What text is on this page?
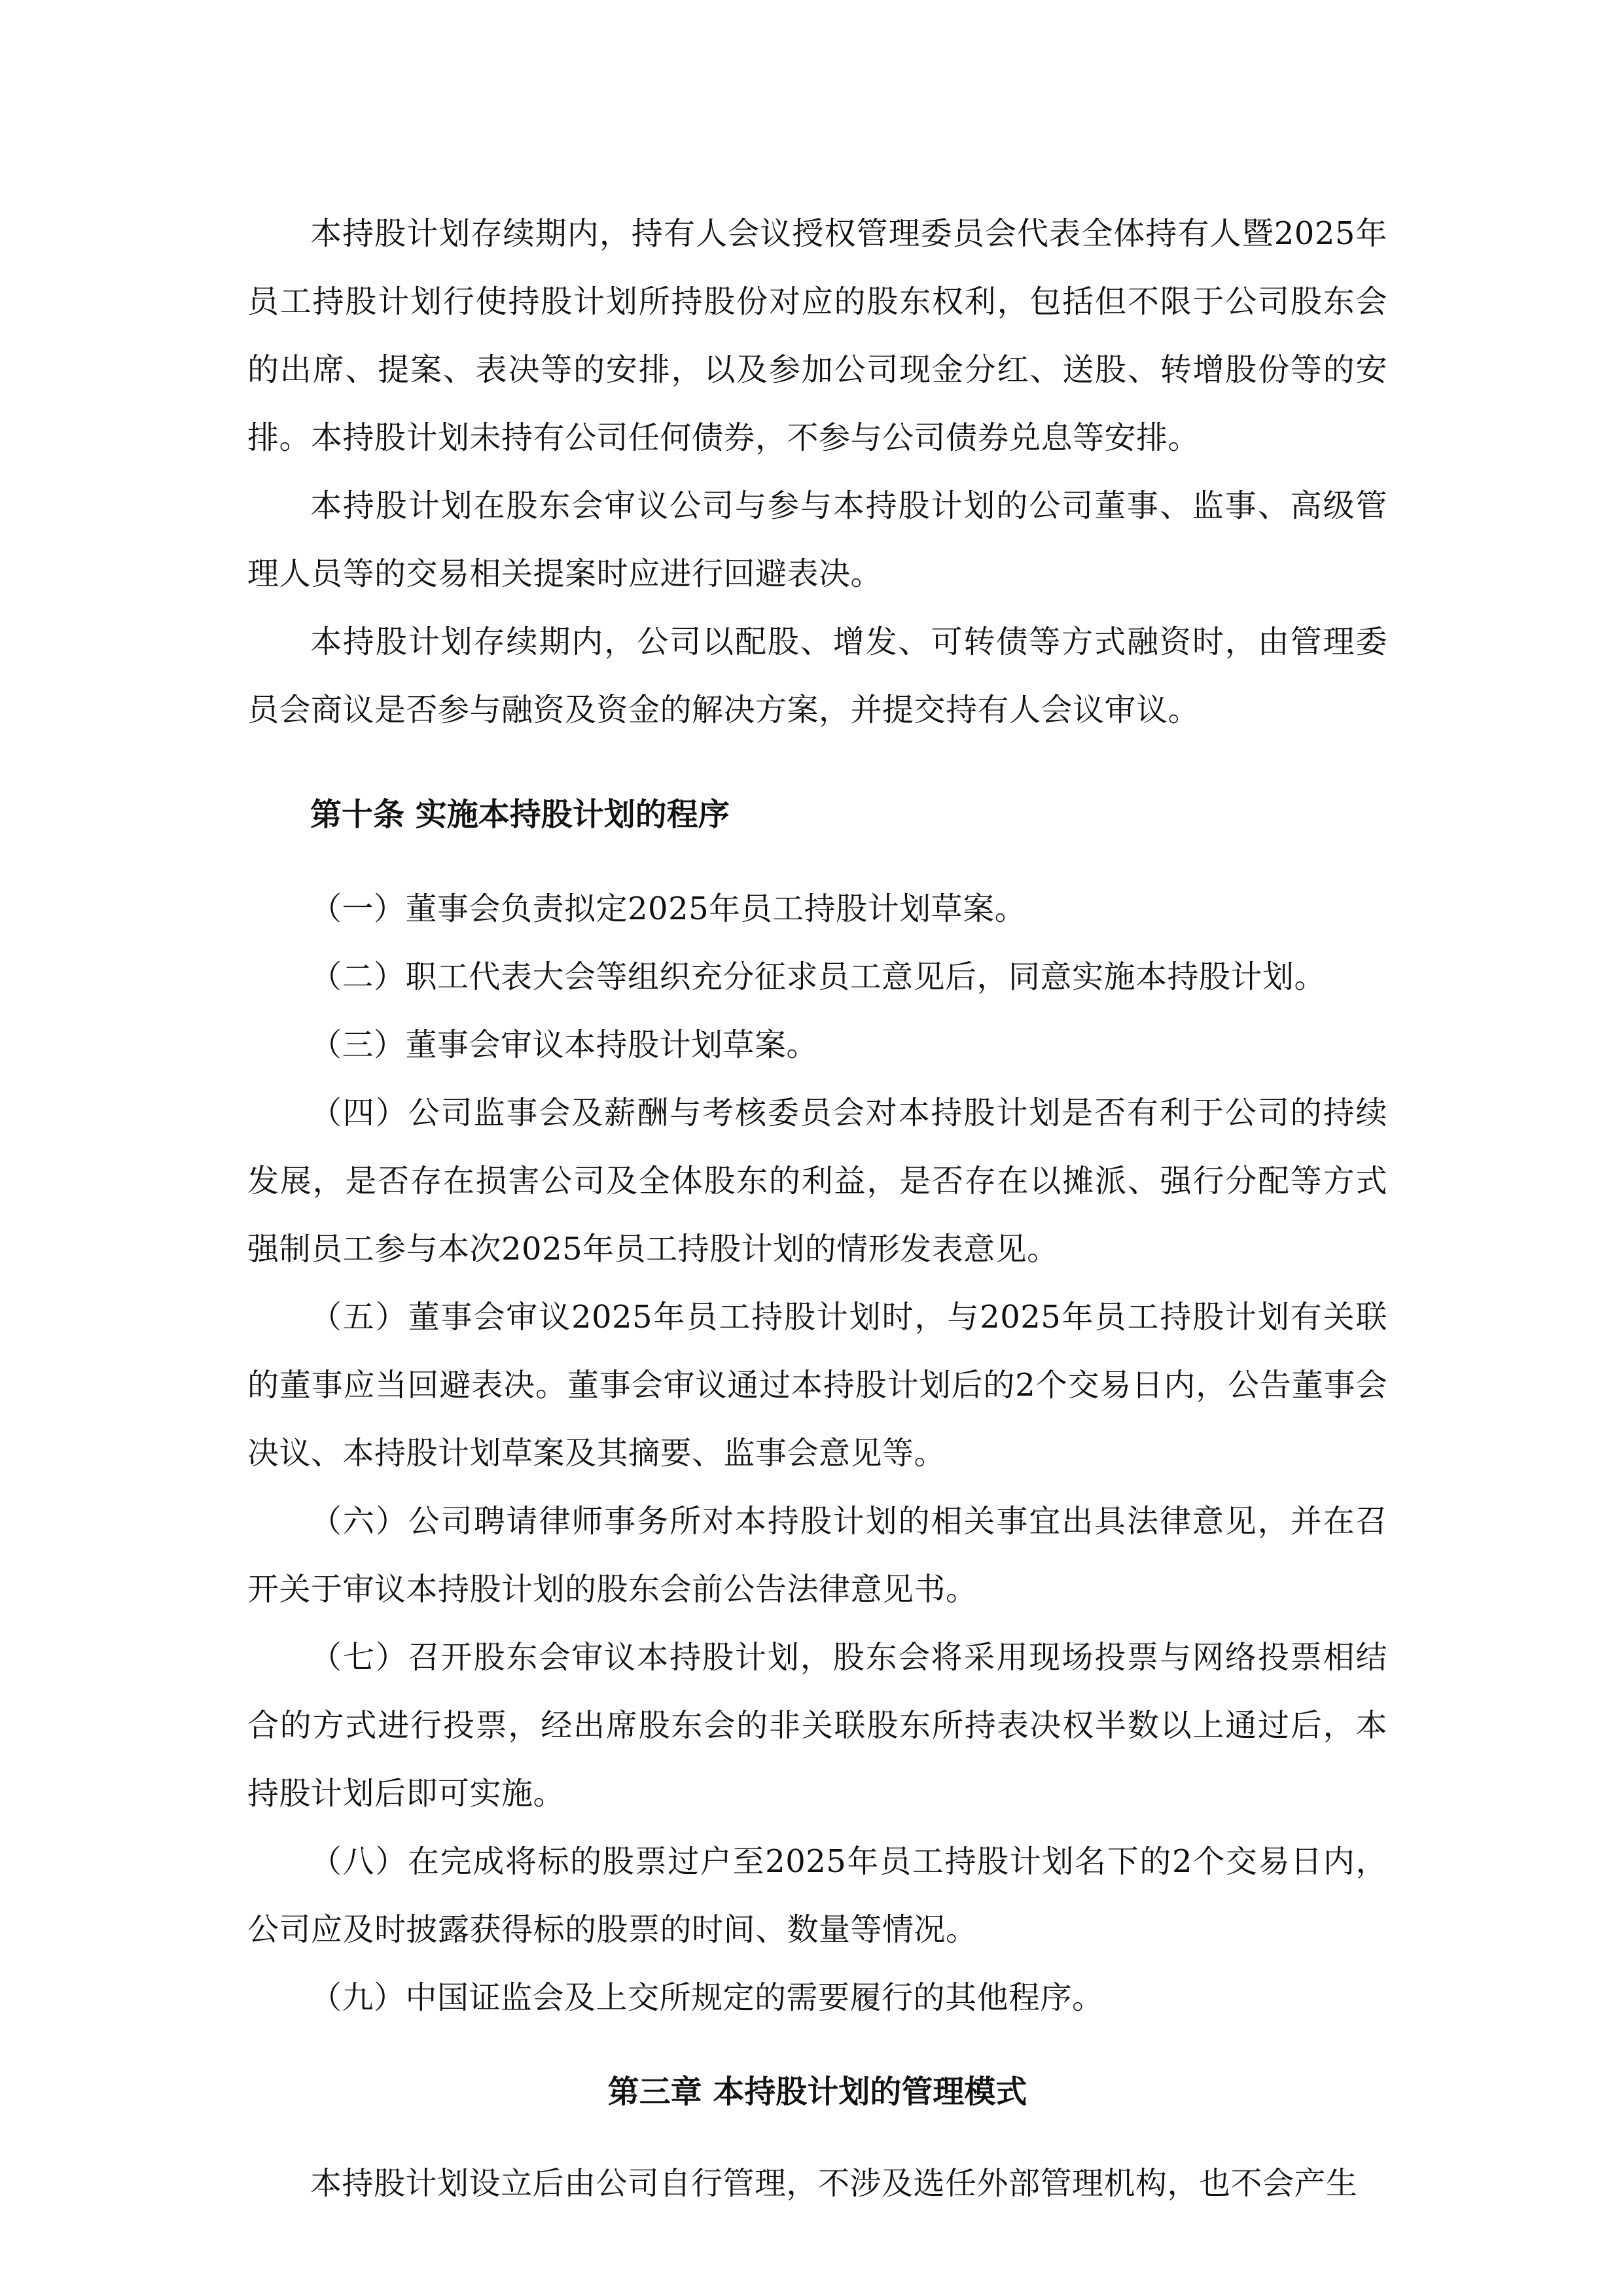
本持股计划存续期内，持有人会议授权管理委员会代表全体持有人暨2025年员工持股计划行使持股计划所持股份对应的股东权利，包括但不限于公司股东会的出席、提案、表决等的安排，以及参加公司现金分红、送股、转增股份等的安排。本持股计划未持有公司任何债券，不参与公司债券兑息等安排。

本持股计划在股东会审议公司与参与本持股计划的公司董事、监事、高级管理人员等的交易相关提案时应进行回避表决。

本持股计划存续期内，公司以配股、增发、可转债等方式融资时，由管理委员会商议是否参与融资及资金的解决方案，并提交持有人会议审议。

第十条 实施本持股计划的程序

（一）董事会负责拟定2025年员工持股计划草案。

（二）职工代表大会等组织充分征求员工意见后，同意实施本持股计划。

（三）董事会审议本持股计划草案。

（四）公司监事会及薪酬与考核委员会对本持股计划是否有利于公司的持续发展，是否存在损害公司及全体股东的利益，是否存在以摊派、强行分配等方式强制员工参与本次2025年员工持股计划的情形发表意见。

（五）董事会审议2025年员工持股计划时，与2025年员工持股计划有关联的董事应当回避表决。董事会审议通过本持股计划后的2个交易日内，公告董事会决议、本持股计划草案及其摘要、监事会意见等。

（六）公司聘请律师事务所对本持股计划的相关事宜出具法律意见，并在召开关于审议本持股计划的股东会前公告法律意见书。

（七）召开股东会审议本持股计划，股东会将采用现场投票与网络投票相结合的方式进行投票，经出席股东会的非关联股东所持表决权半数以上通过后，本持股计划后即可实施。

（八）在完成将标的股票过户至2025年员工持股计划名下的2个交易日内，公司应及时披露获得标的股票的时间、数量等情况。

（九）中国证监会及上交所规定的需要履行的其他程序。

第三章 本持股计划的管理模式

本持股计划设立后由公司自行管理，不涉及选任外部管理机构，也不会产生
